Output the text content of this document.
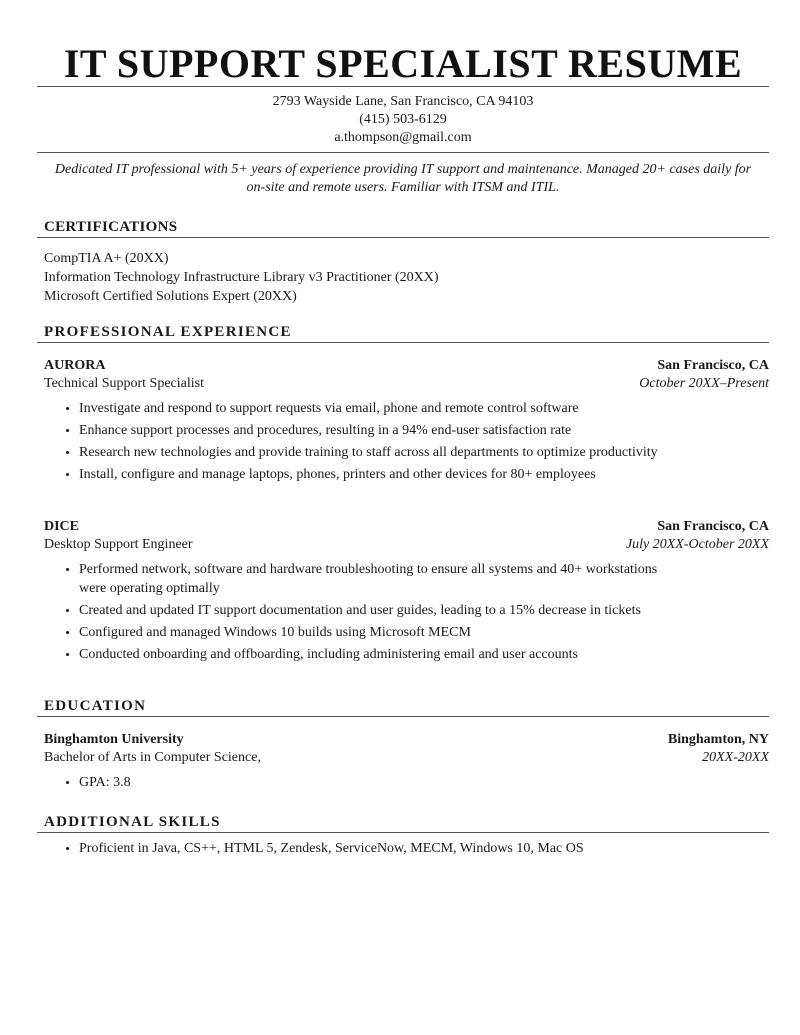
IT SUPPORT SPECIALIST RESUME
2793 Wayside Lane, San Francisco, CA 94103
(415) 503-6129
a.thompson@gmail.com
Dedicated IT professional with 5+ years of experience providing IT support and maintenance. Managed 20+ cases daily for on-site and remote users. Familiar with ITSM and ITIL.
CERTIFICATIONS
CompTIA A+ (20XX)
Information Technology Infrastructure Library v3 Practitioner (20XX)
Microsoft Certified Solutions Expert (20XX)
PROFESSIONAL EXPERIENCE
AURORA	San Francisco, CA
Technical Support Specialist	October 20XX–Present
• Investigate and respond to support requests via email, phone and remote control software
• Enhance support processes and procedures, resulting in a 94% end-user satisfaction rate
• Research new technologies and provide training to staff across all departments to optimize productivity
• Install, configure and manage laptops, phones, printers and other devices for 80+ employees
DICE	San Francisco, CA
Desktop Support Engineer	July 20XX-October 20XX
• Performed network, software and hardware troubleshooting to ensure all systems and 40+ workstations were operating optimally
• Created and updated IT support documentation and user guides, leading to a 15% decrease in tickets
• Configured and managed Windows 10 builds using Microsoft MECM
• Conducted onboarding and offboarding, including administering email and user accounts
EDUCATION
Binghamton University	Binghamton, NY
Bachelor of Arts in Computer Science,	20XX-20XX
• GPA: 3.8
ADDITIONAL SKILLS
• Proficient in Java, CS++, HTML 5, Zendesk, ServiceNow, MECM, Windows 10, Mac OS
